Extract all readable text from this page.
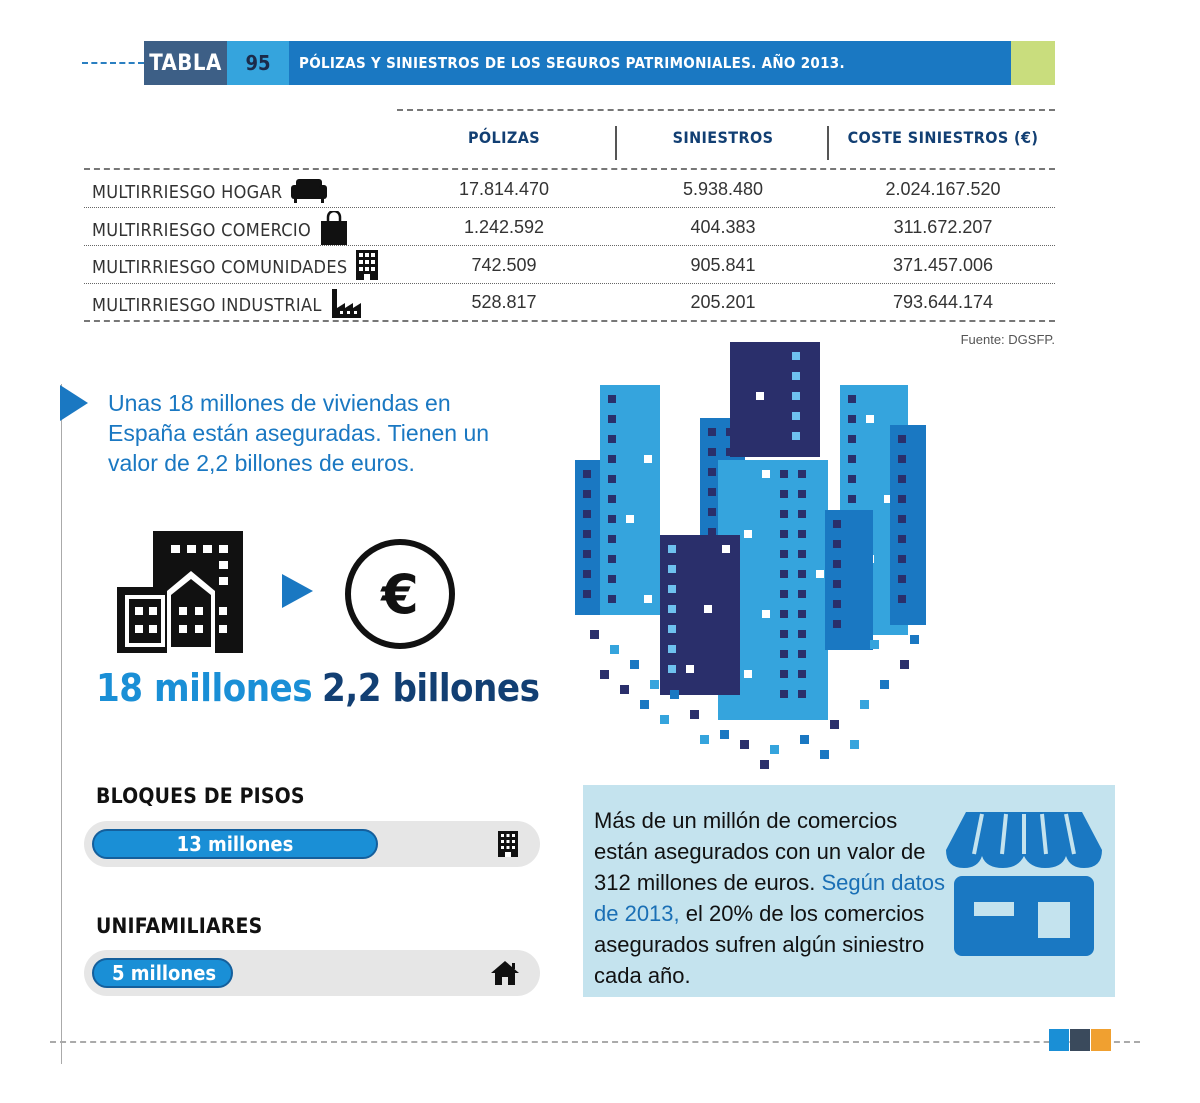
TABLA	95	PÓLIZAS Y SINIESTROS DE LOS SEGUROS PATRIMONIALES. AÑO 2013.
PÓLIZAS	SINIESTROS	COSTE SINIESTROS (€)
MULTIRRIESGO HOGAR	17.814.470	5.938.480	2.024.167.520
MULTIRRIESGO COMERCIO	1.242.592	404.383	311.672.207
MULTIRRIESGO COMUNIDADES	742.509	905.841	371.457.006
MULTIRRIESGO INDUSTRIAL	528.817	205.201	793.644.174
Fuente: DGSFP.
Unas 18 millones de viviendas en España están aseguradas. Tienen un valor de 2,2 billones de euros.
€
18 millones 2,2 billones
BLOQUES DE PISOS
13 millones
UNIFAMILIARES
5 millones
Más de un millón de comercios están asegurados con un valor de 312 millones de euros. Según datos de 2013, el 20% de los comercios asegurados sufren algún siniestro cada año.
